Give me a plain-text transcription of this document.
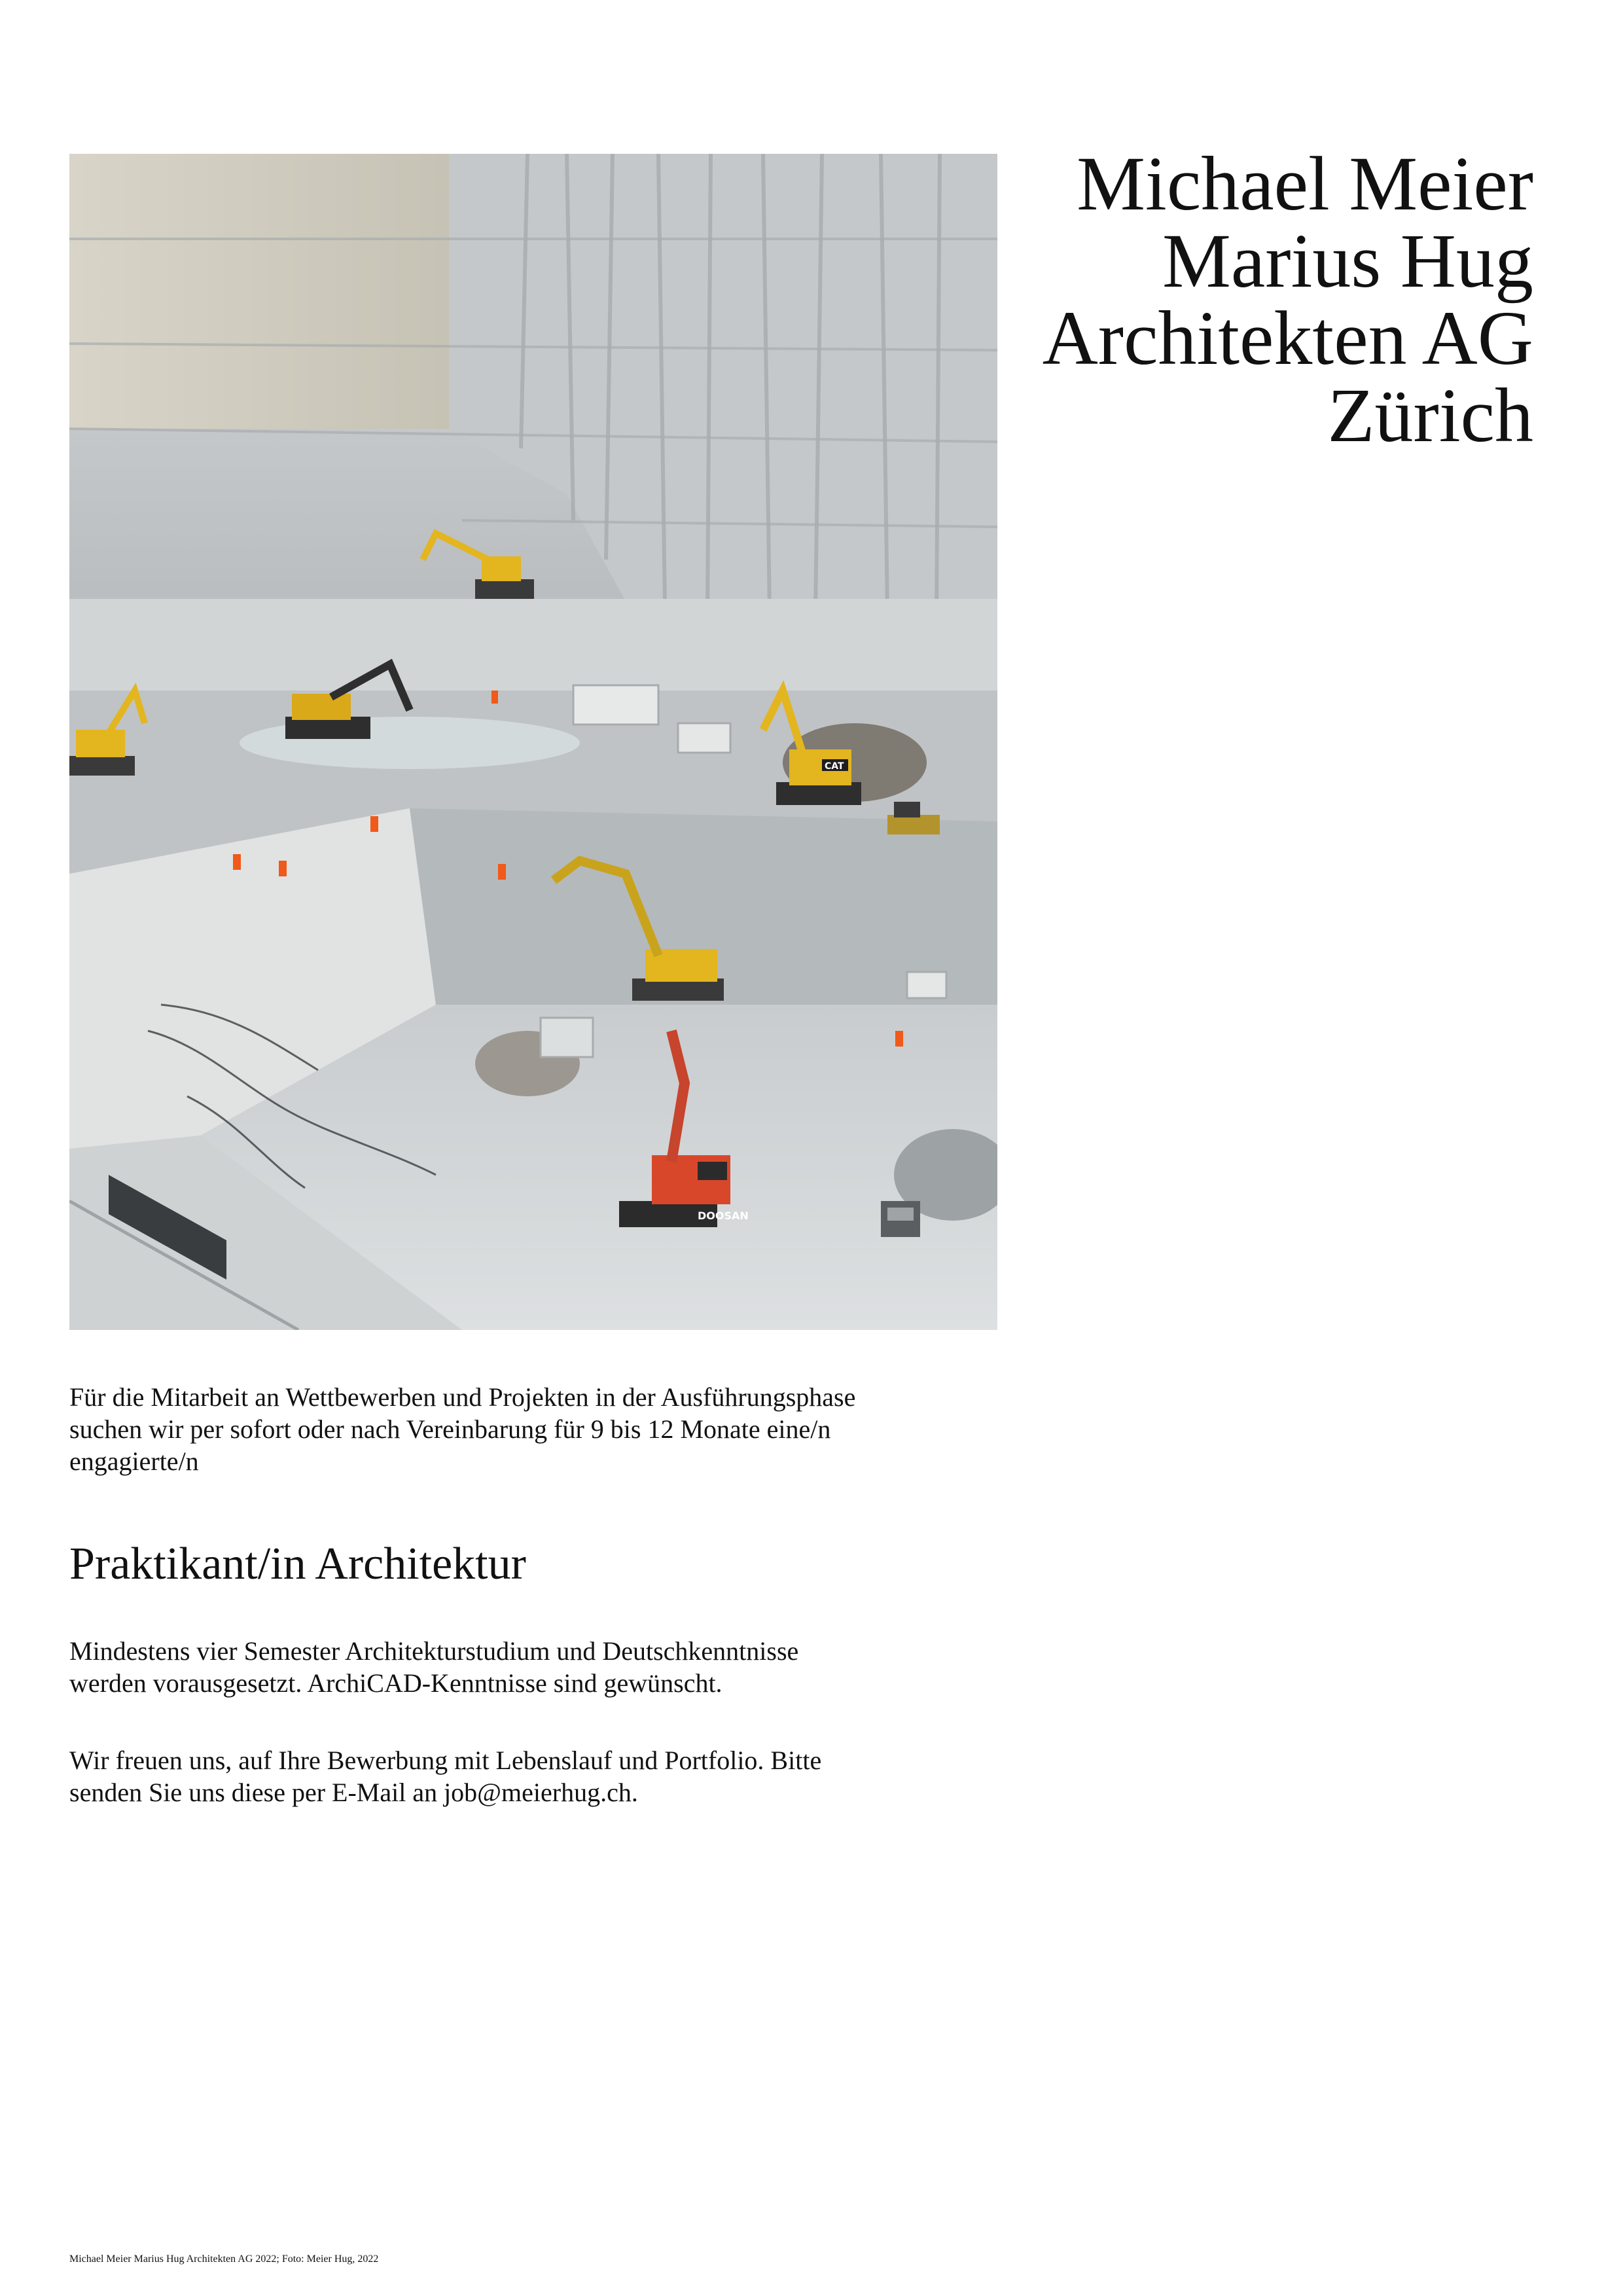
CAT
DOOSAN
Michael Meier
Marius Hug
Architekten AG
Zürich

Für die Mitarbeit an Wettbewerben und Projekten in der Ausführungsphase
suchen wir per sofort oder nach Vereinbarung für 9 bis 12 Monate eine/n
engagierte/n

Praktikant/in Architektur

Mindestens vier Semester Architekturstudium und Deutschkenntnisse
werden vorausgesetzt. ArchiCAD-Kenntnisse sind gewünscht.

Wir freuen uns, auf Ihre Bewerbung mit Lebenslauf und Portfolio. Bitte
senden Sie uns diese per E-Mail an job@meierhug.ch.

Michael Meier Marius Hug Architekten AG 2022; Foto: Meier Hug, 2022
